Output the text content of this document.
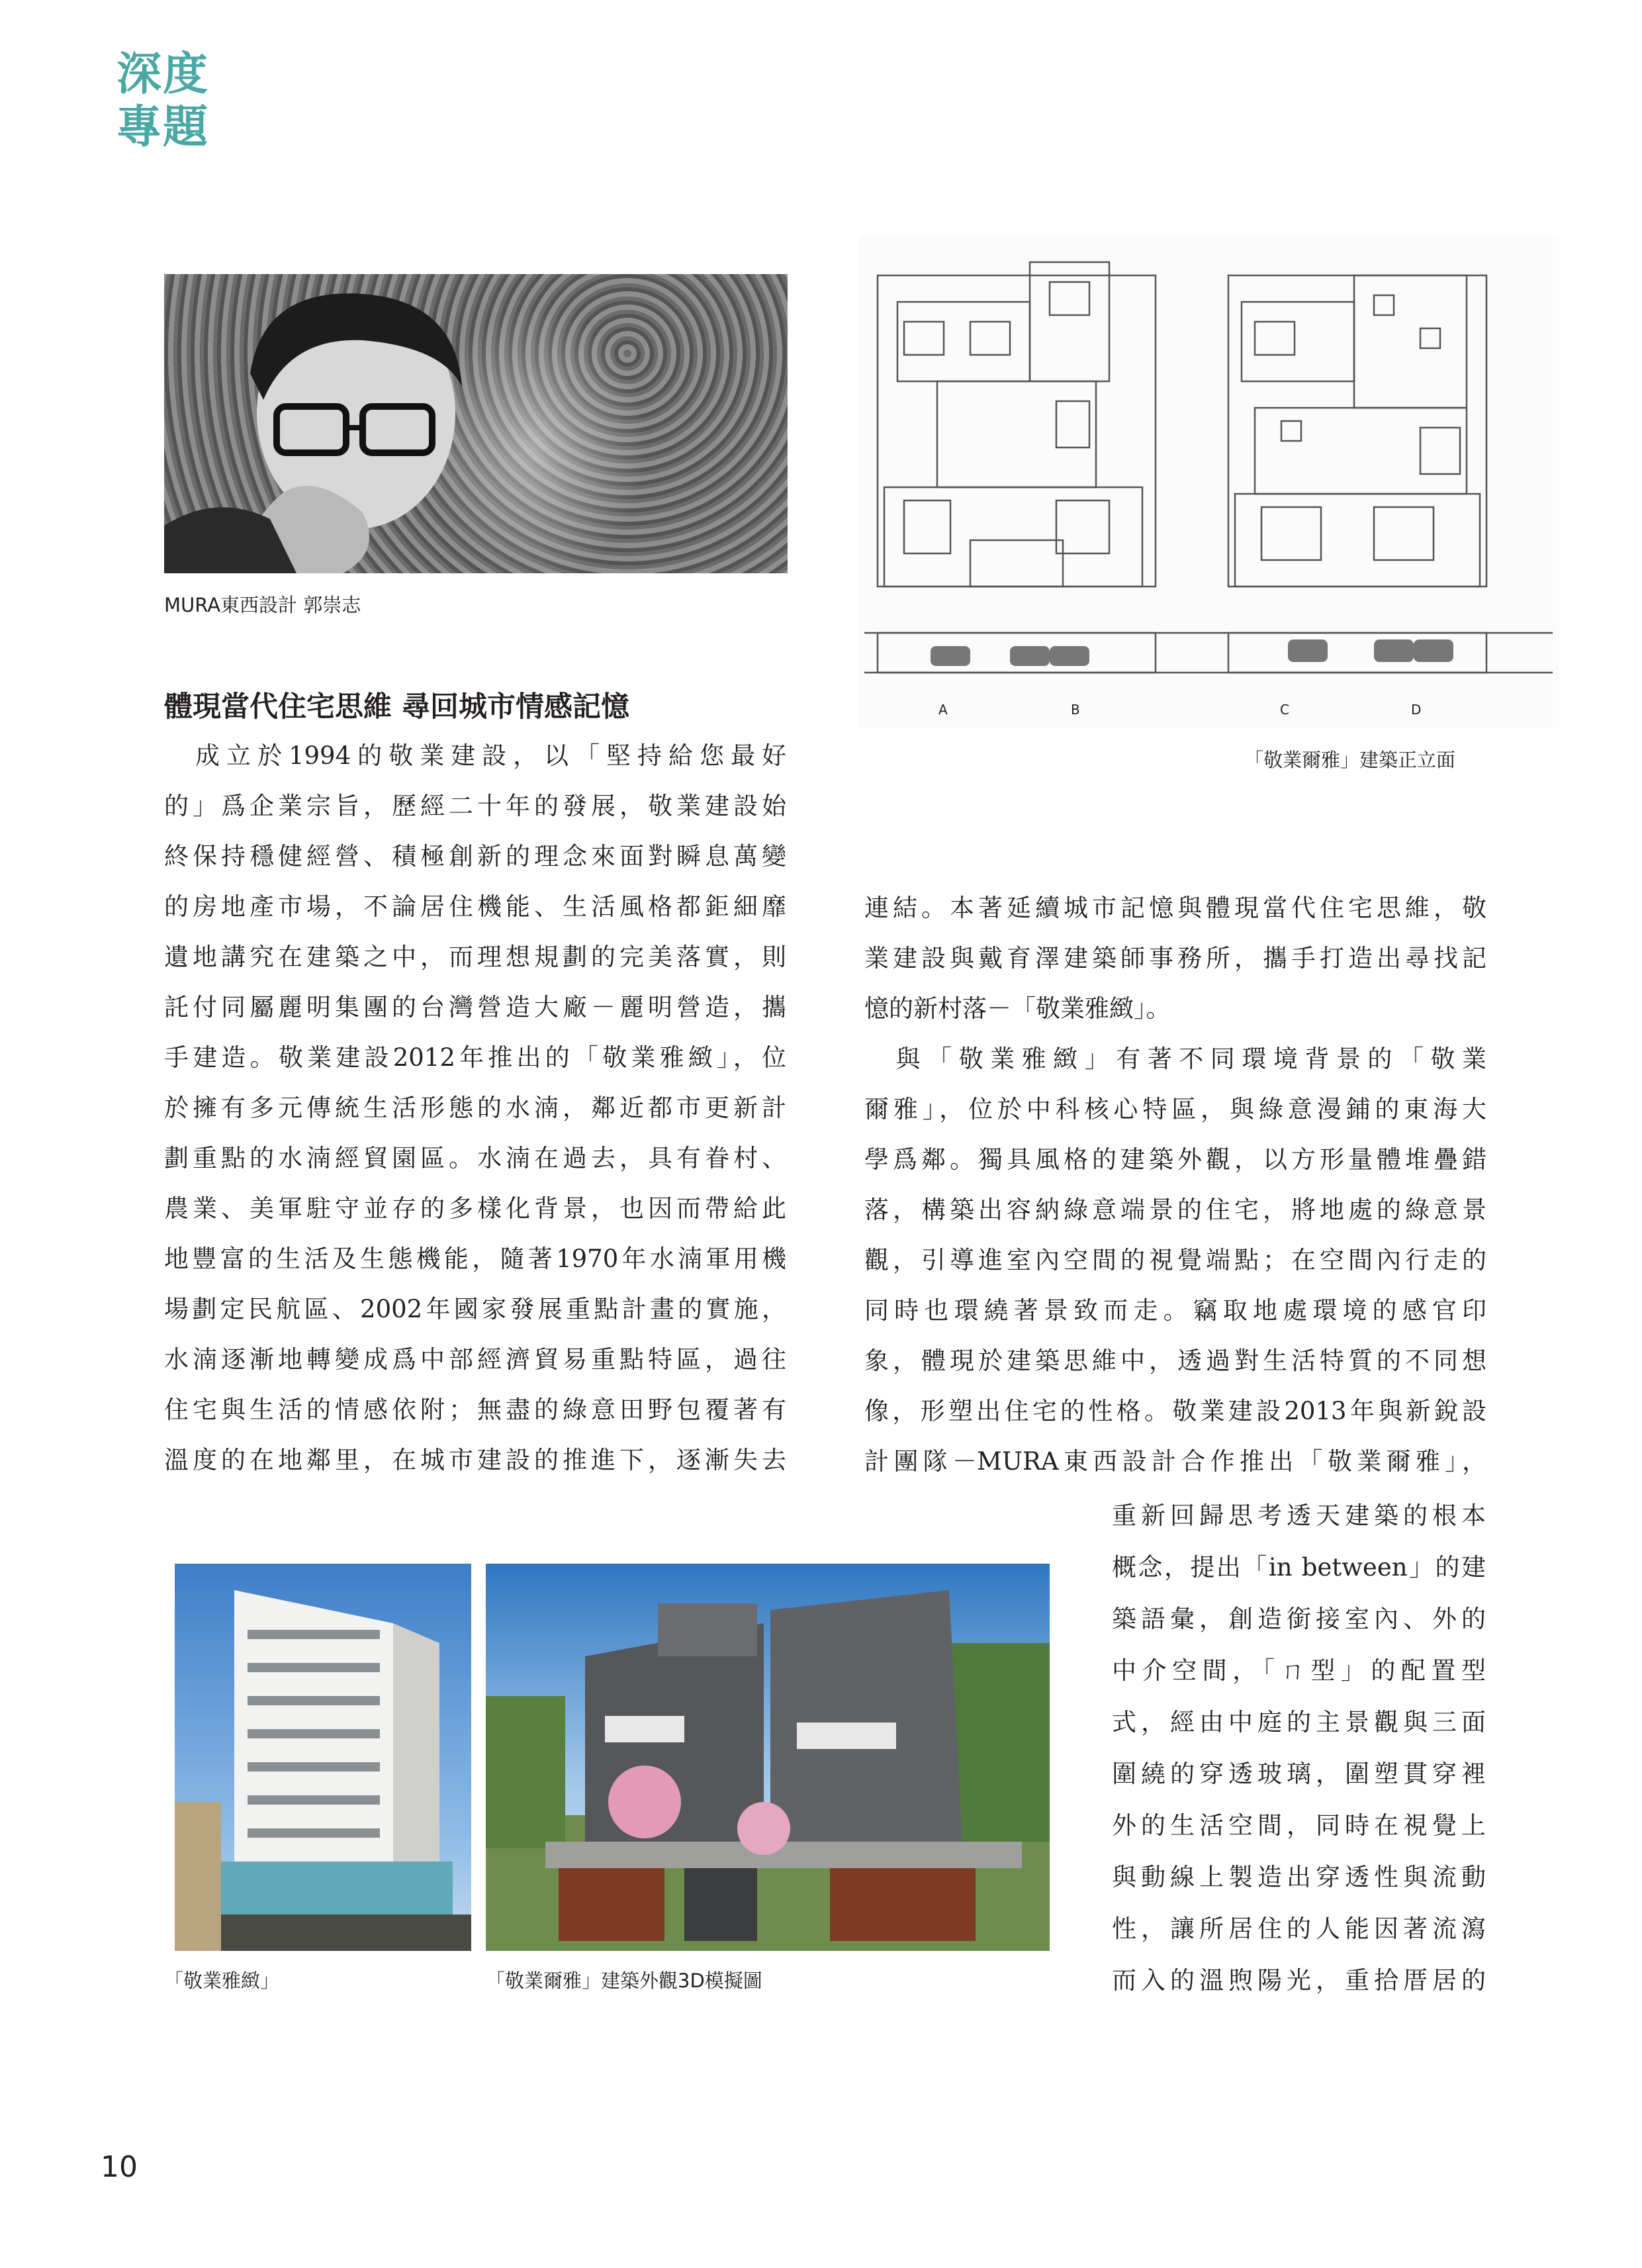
深度
專題
MURA東西設計 郭崇志
A	B	C	D
「敬業爾雅」建築正立面
體現當代住宅思維 尋回城市情感記憶
　成立於1994的敬業建設，以「堅持給您最好
的」爲企業宗旨，歷經二十年的發展，敬業建設始
終保持穩健經營、積極創新的理念來面對瞬息萬變
的房地產市場，不論居住機能、生活風格都鉅細靡
遺地講究在建築之中，而理想規劃的完美落實，則
託付同屬麗明集團的台灣營造大廠－麗明營造，攜
手建造。敬業建設2012年推出的「敬業雅緻」，位
於擁有多元傳統生活形態的水湳，鄰近都市更新計
劃重點的水湳經貿園區。水湳在過去，具有眷村、
農業、美軍駐守並存的多樣化背景，也因而帶給此
地豐富的生活及生態機能，隨著1970年水湳軍用機
場劃定民航區、2002年國家發展重點計畫的實施，
水湳逐漸地轉變成爲中部經濟貿易重點特區，過往
住宅與生活的情感依附；無盡的綠意田野包覆著有
溫度的在地鄰里，在城市建設的推進下，逐漸失去
連結。本著延續城市記憶與體現當代住宅思維，敬
業建設與戴育澤建築師事務所，攜手打造出尋找記
憶的新村落－「敬業雅緻」。
　與「敬業雅緻」有著不同環境背景的「敬業
爾雅」，位於中科核心特區，與綠意漫鋪的東海大
學爲鄰。獨具風格的建築外觀，以方形量體堆疊錯
落，構築出容納綠意端景的住宅，將地處的綠意景
觀，引導進室內空間的視覺端點；在空間內行走的
同時也環繞著景致而走。竊取地處環境的感官印
象，體現於建築思維中，透過對生活特質的不同想
像，形塑出住宅的性格。敬業建設2013年與新銳設
計團隊－MURA東西設計合作推出「敬業爾雅」，
重新回歸思考透天建築的根本
概念，提出「in between」的建
築語彙，創造銜接室內、外的
中介空間，「ㄇ型」的配置型
式，經由中庭的主景觀與三面
圍繞的穿透玻璃，圍塑貫穿裡
外的生活空間，同時在視覺上
與動線上製造出穿透性與流動
性，讓所居住的人能因著流瀉
而入的溫煦陽光，重拾厝居的
「敬業雅緻」	「敬業爾雅」建築外觀3D模擬圖
10
